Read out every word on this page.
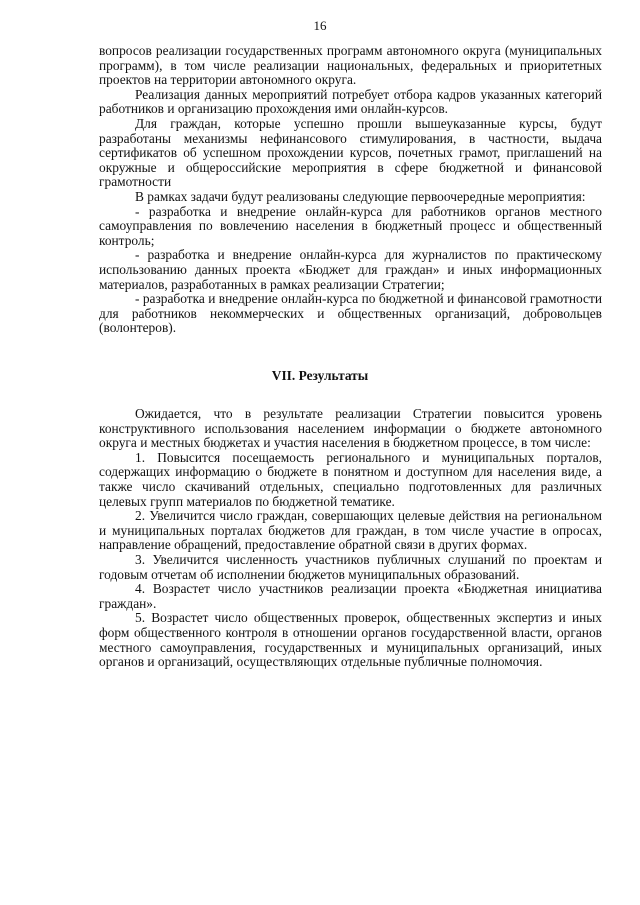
16

вопросов реализации государственных программ автономного округа (муниципальных программ), в том числе реализации национальных, федеральных и приоритетных проектов на территории автономного округа.

Реализация данных мероприятий потребует отбора кадров указанных категорий работников и организацию прохождения ими онлайн-курсов.

Для граждан, которые успешно прошли вышеуказанные курсы, будут разработаны механизмы нефинансового стимулирования, в частности, выдача сертификатов об успешном прохождении курсов, почетных грамот, приглашений на окружные и общероссийские мероприятия в сфере бюджетной и финансовой грамотности

В рамках задачи будут реализованы следующие первоочередные мероприятия:

- разработка и внедрение онлайн-курса для работников органов местного самоуправления по вовлечению населения в бюджетный процесс и общественный контроль;

- разработка и внедрение онлайн-курса для журналистов по практическому использованию данных проекта «Бюджет для граждан» и иных информационных материалов, разработанных в рамках реализации Стратегии;

- разработка и внедрение онлайн-курса по бюджетной и финансовой грамотности для работников некоммерческих и общественных организаций, добровольцев (волонтеров).

VII. Результаты

Ожидается, что в результате реализации Стратегии повысится уровень конструктивного использования населением информации о бюджете автономного округа и местных бюджетах и участия населения в бюджетном процессе, в том числе:

1. Повысится посещаемость регионального и муниципальных порталов, содержащих информацию о бюджете в понятном и доступном для населения виде, а также число скачиваний отдельных, специально подготовленных для различных целевых групп материалов по бюджетной тематике.

2. Увеличится число граждан, совершающих целевые действия на региональном и муниципальных порталах бюджетов для граждан, в том числе участие в опросах, направление обращений, предоставление обратной связи в других формах.

3. Увеличится численность участников публичных слушаний по проектам и годовым отчетам об исполнении бюджетов муниципальных образований.

4. Возрастет число участников реализации проекта «Бюджетная инициатива граждан».

5. Возрастет число общественных проверок, общественных экспертиз и иных форм общественного контроля в отношении органов государственной власти, органов местного самоуправления, государственных и муниципальных организаций, иных органов и организаций, осуществляющих отдельные публичные полномочия.
